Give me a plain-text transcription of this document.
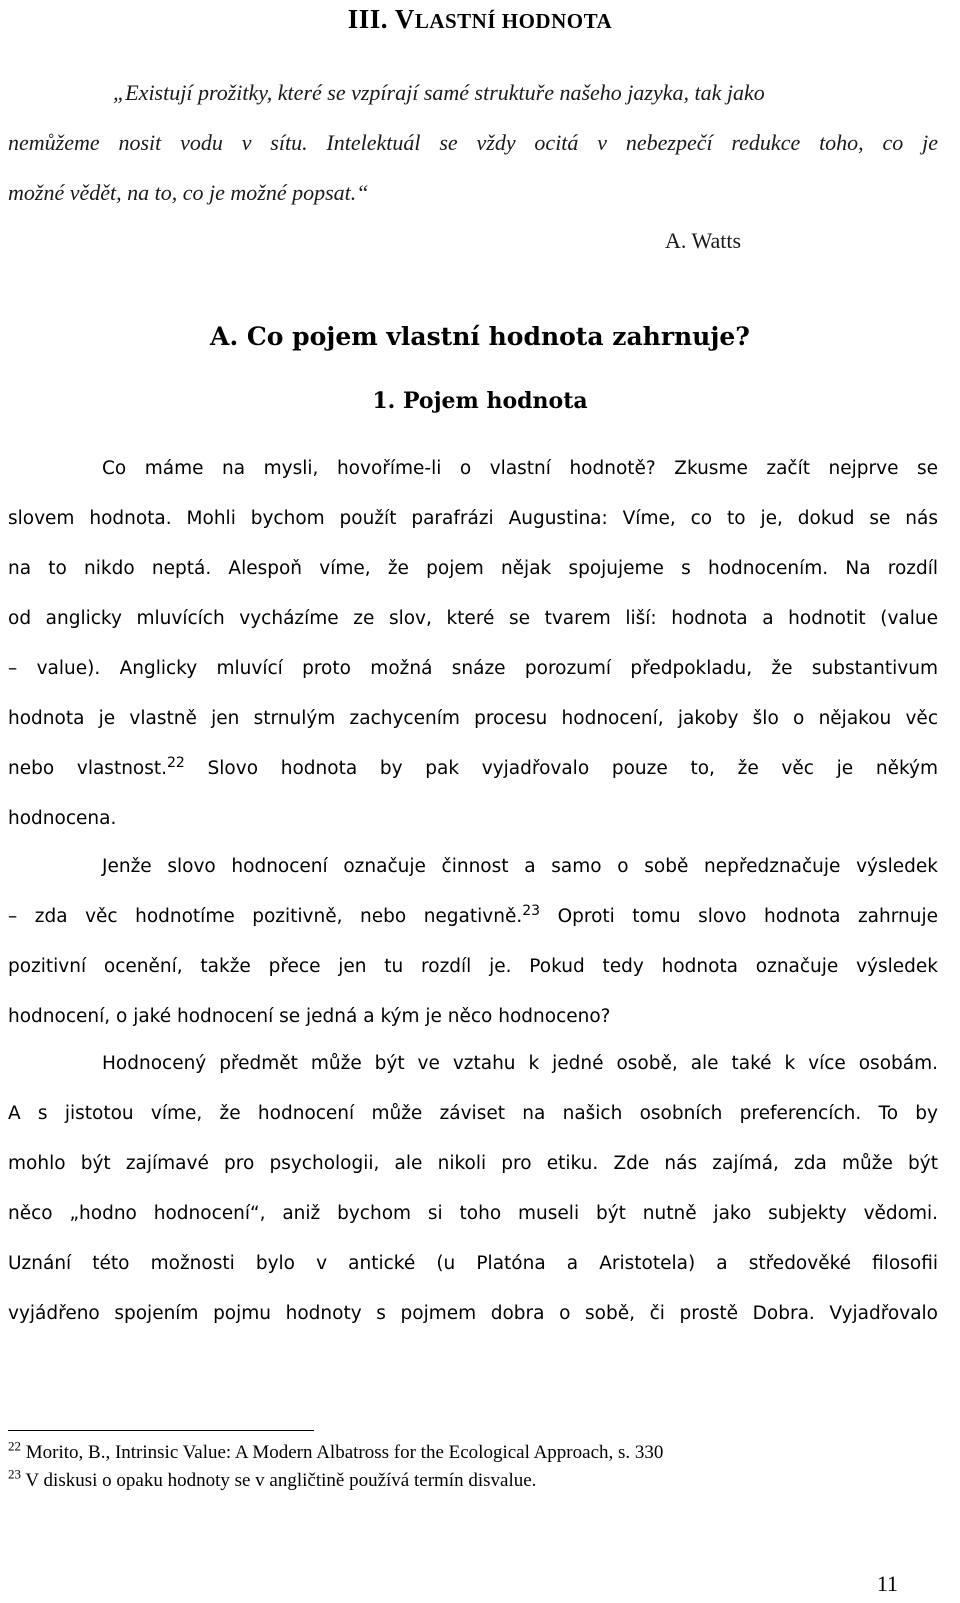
III. VLASTNÍ HODNOTA
„Existují prožitky, které se vzpírají samé struktuře našeho jazyka, tak jako
nemůžeme nosit vodu v sítu. Intelektuál se vždy ocitá v nebezpečí redukce toho, co je
možné vědět, na to, co je možné popsat.“
A. Watts
A. Co pojem vlastní hodnota zahrnuje?
1. Pojem hodnota
Co máme na mysli, hovoříme-li o vlastní hodnotě? Zkusme začít nejprve se
slovem hodnota. Mohli bychom použít parafrázi Augustina: Víme, co to je, dokud se nás
na to nikdo neptá. Alespoň víme, že pojem nějak spojujeme s hodnocením. Na rozdíl
od anglicky mluvících vycházíme ze slov, které se tvarem liší: hodnota a hodnotit (value
– value). Anglicky mluvící proto možná snáze porozumí předpokladu, že substantivum
hodnota je vlastně jen strnulým zachycením procesu hodnocení, jakoby šlo o nějakou věc
nebo vlastnost.$^{22}$ Slovo hodnota by pak vyjadřovalo pouze to, že věc je někým
hodnocena.
Jenže slovo hodnocení označuje činnost a samo o sobě nepředznačuje výsledek
– zda věc hodnotíme pozitivně, nebo negativně.$^{23}$ Oproti tomu slovo hodnota zahrnuje
pozitivní ocenění, takže přece jen tu rozdíl je. Pokud tedy hodnota označuje výsledek
hodnocení, o jaké hodnocení se jedná a kým je něco hodnoceno?
Hodnocený předmět může být ve vztahu k jedné osobě, ale také k více osobám.
A s jistotou víme, že hodnocení může záviset na našich osobních preferencích. To by
mohlo být zajímavé pro psychologii, ale nikoli pro etiku. Zde nás zajímá, zda může být
něco „hodno hodnocení“, aniž bychom si toho museli být nutně jako subjekty vědomi.
Uznání této možnosti bylo v antické (u Platóna a Aristotela) a středověké filosofii
vyjádřeno spojením pojmu hodnoty s pojmem dobra o sobě, či prostě Dobra. Vyjadřovalo
$^{22}$ Morito, B., Intrinsic Value: A Modern Albatross for the Ecological Approach, s. 330
$^{23}$ V diskusi o opaku hodnoty se v angličtině používá termín disvalue.
11
